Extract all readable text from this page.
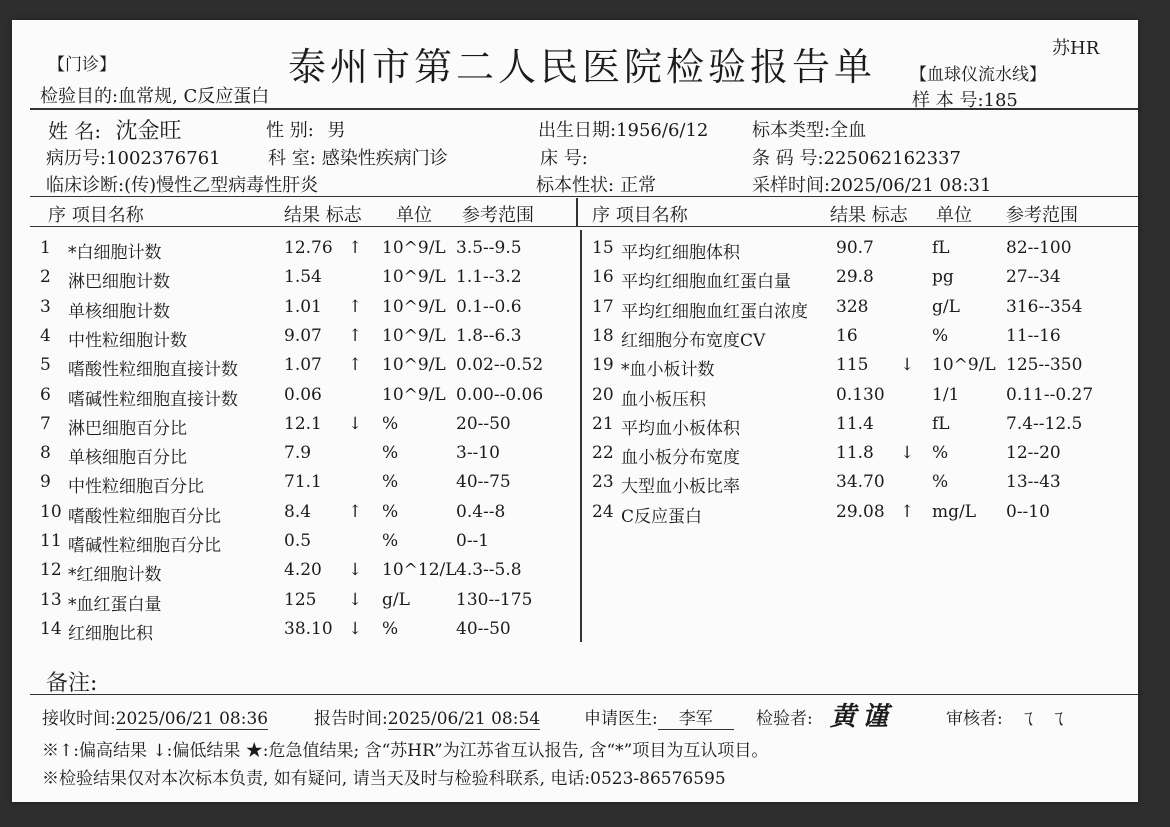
【门诊】	泰州市第二人民医院检验报告单	苏HR
【血球仪流水线】
检验目的:血常规, C反应蛋白	样 本 号:185
姓 名: 沈金旺	性 别: 男	出生日期:1956/6/12 标本类型:全血
病历号:1002376761	科 室: 感染性疾病门诊	床 号:	条 码 号:225062162337
临床诊断:(传)慢性乙型病毒性肝炎	标本性状: 正常	采样时间:2025/06/21 08:31
序 项目名称	结果 标志 单位 参考范围	序 项目名称	结果 标志 单位 参考范围
1 *白细胞计数	12.76 ↑ 10^9/L 3.5--9.5
2 淋巴细胞计数	1.54	10^9/L 1.1--3.2
3 单核细胞计数	1.01 ↑ 10^9/L 0.1--0.6
4 中性粒细胞计数	9.07 ↑ 10^9/L 1.8--6.3
5 嗜酸性粒细胞直接计数	1.07 ↑ 10^9/L 0.02--0.52
6 嗜碱性粒细胞直接计数	0.06	10^9/L 0.00--0.06
7 淋巴细胞百分比	12.1 ↓ %	20--50
8 单核细胞百分比	7.9	%	3--10
9 中性粒细胞百分比	71.1	%	40--75
10 嗜酸性粒细胞百分比	8.4 ↑ %	0.4--8
11 嗜碱性粒细胞百分比	0.5	%	0--1
12 *红细胞计数	4.20 ↓ 10^12/L 4.3--5.8
13 *血红蛋白量	125 ↓ g/L	130--175
14 红细胞比积	38.10 ↓ %	40--50
15 平均红细胞体积	90.7	fL	82--100
16 平均红细胞血红蛋白量	29.8	pg	27--34
17 平均红细胞血红蛋白浓度 328	g/L	316--354
18 红细胞分布宽度CV	16	%	11--16
19 *血小板计数	115 ↓ 10^9/L 125--350
20 血小板压积	0.130	1/1	0.11--0.27
21 平均血小板体积	11.4	fL	7.4--12.5
22 血小板分布宽度	11.8 ↓ %	12--20
23 大型血小板比率	34.70	%	13--43
24 C反应蛋白	29.08 ↑ mg/L 0--10
备注:
接收时间:2025/06/21 08:36	报告时间:2025/06/21 08:54	申请医生: 李军	检验者: 黄谨	审核者: ㄟ ㄟ
※↑:偏高结果 ↓:偏低结果 ★:危急值结果; 含“苏HR”为江苏省互认报告, 含“*”项目为互认项目。
※检验结果仅对本次标本负责, 如有疑问, 请当天及时与检验科联系, 电话:0523-86576595
